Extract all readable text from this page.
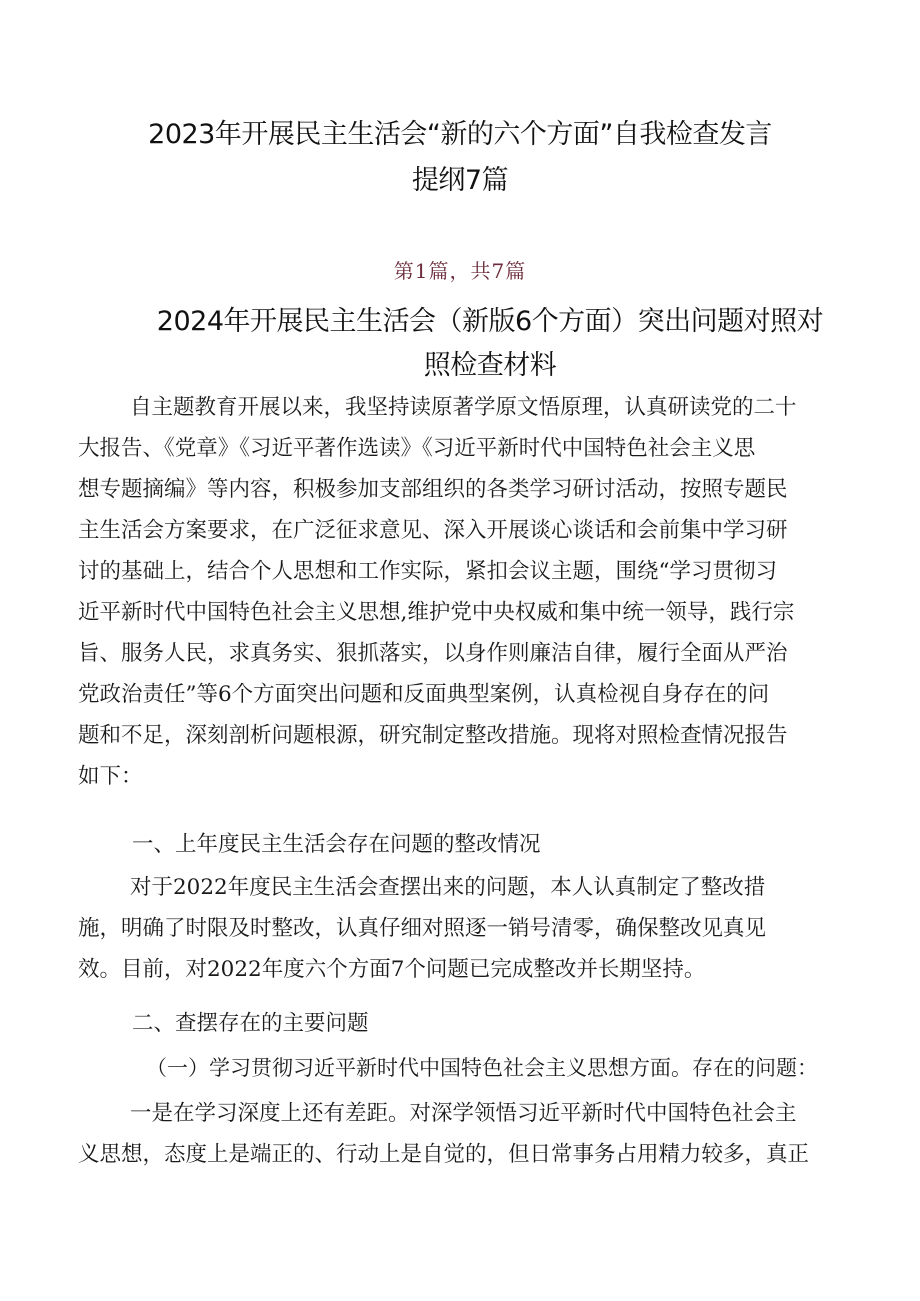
2023年开展民主生活会“新的六个方面”自我检查发言
提纲7篇
第1篇，共7篇
2024年开展民主生活会（新版6个方面）突出问题对照对
照检查材料
自主题教育开展以来，我坚持读原著学原文悟原理，认真研读党的二十
大报告、《党章》《习近平著作选读》《习近平新时代中国特色社会主义思
想专题摘编》等内容，积极参加支部组织的各类学习研讨活动，按照专题民
主生活会方案要求，在广泛征求意见、深入开展谈心谈话和会前集中学习研
讨的基础上，结合个人思想和工作实际，紧扣会议主题，围绕“学习贯彻习
近平新时代中国特色社会主义思想,维护党中央权威和集中统一领导，践行宗
旨、服务人民，求真务实、狠抓落实，以身作则廉洁自律，履行全面从严治
党政治责任”等6个方面突出问题和反面典型案例，认真检视自身存在的问
题和不足，深刻剖析问题根源，研究制定整改措施。现将对照检查情况报告
如下：
一、上年度民主生活会存在问题的整改情况
对于2022年度民主生活会查摆出来的问题，本人认真制定了整改措
施，明确了时限及时整改，认真仔细对照逐一销号清零，确保整改见真见
效。目前，对2022年度六个方面7个问题已完成整改并长期坚持。
二、查摆存在的主要问题
（一）学习贯彻习近平新时代中国特色社会主义思想方面。存在的问题：
一是在学习深度上还有差距。对深学领悟习近平新时代中国特色社会主
义思想，态度上是端正的、行动上是自觉的，但日常事务占用精力较多，真正
